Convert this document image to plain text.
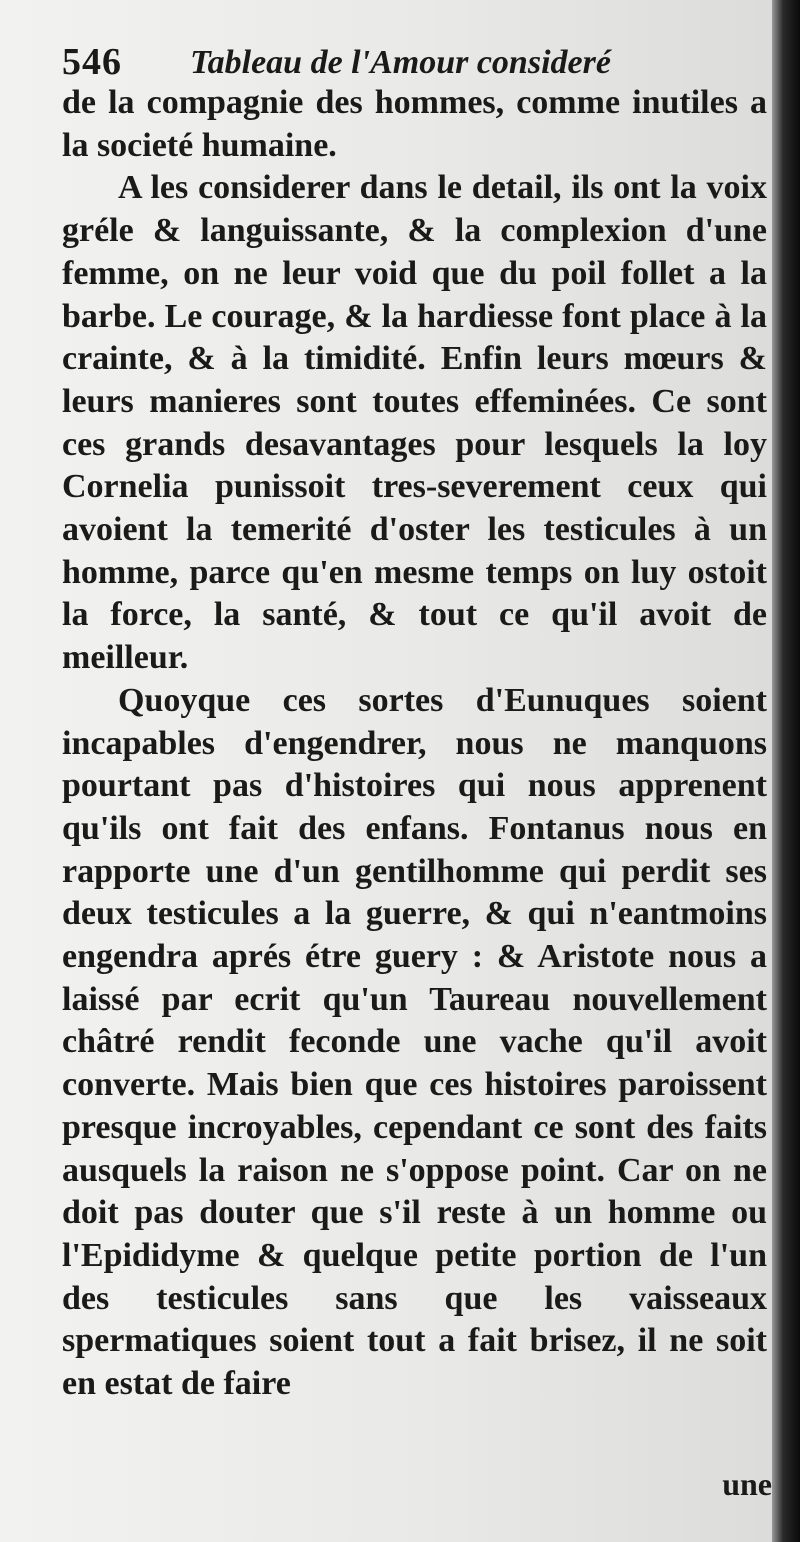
546 Tableau de l'Amour consideré

de la compagnie des hommes, comme inutiles a la societé humaine.

A les considerer dans le detail, ils ont la voix gréle & languissante, & la complexion d'une femme, on ne leur void que du poil follet a la barbe. Le courage, & la hardiesse font place à la crainte, & à la timidité. Enfin leurs mœurs & leurs manieres sont toutes effeminées. Ce sont ces grands desavantages pour lesquels la loy Cornelia punissoit tres-severement ceux qui avoient la temerité d'oster les testicules à un homme, parce qu'en mesme temps on luy ostoit la force, la santé, & tout ce qu'il avoit de meilleur.

Quoyque ces sortes d'Eunuques soient incapables d'engendrer, nous ne manquons pourtant pas d'histoires qui nous apprenent qu'ils ont fait des enfans. Fontanus nous en rapporte une d'un gentilhomme qui perdit ses deux testicules a la guerre, & qui n'eantmoins engendra aprés étre guery : & Aristote nous a laissé par ecrit qu'un Taureau nouvellement châtré rendit feconde une vache qu'il avoit converte. Mais bien que ces histoires paroissent presque incroyables, cependant ce sont des faits ausquels la raison ne s'oppose point. Car on ne doit pas douter que s'il reste à un homme ou l'Epididyme & quelque petite portion de l'un des testicules sans que les vaisseaux spermatiques soient tout a fait brisez, il ne soit en estat de faire

une
